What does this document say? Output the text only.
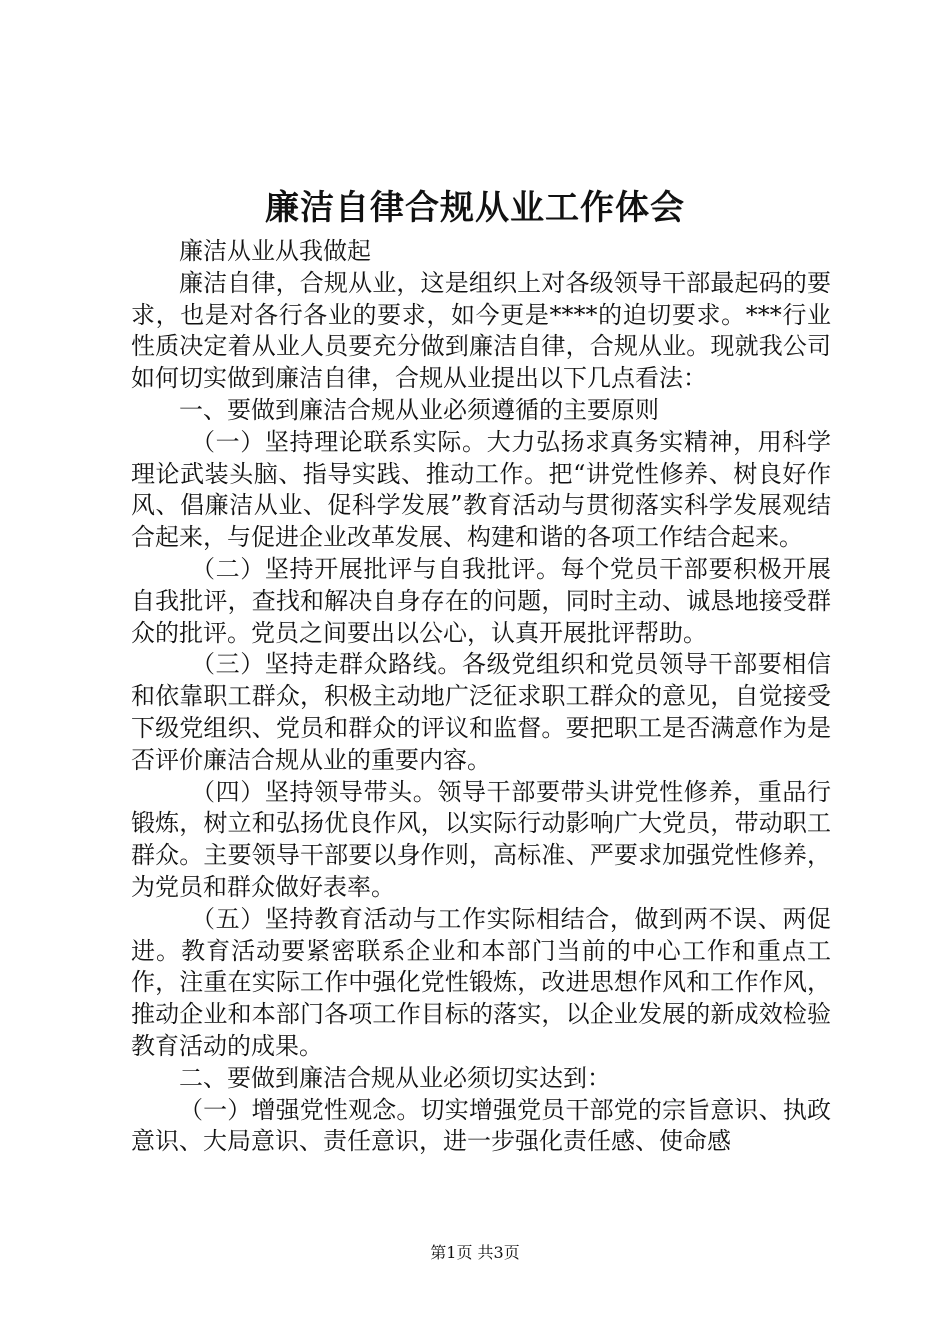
廉洁自律合规从业工作体会

廉洁从业从我做起

廉洁自律，合规从业，这是组织上对各级领导干部最起码的要求，也是对各行各业的要求，如今更是****的迫切要求。***行业性质决定着从业人员要充分做到廉洁自律，合规从业。现就我公司如何切实做到廉洁自律，合规从业提出以下几点看法：

一、要做到廉洁合规从业必须遵循的主要原则

（一）坚持理论联系实际。大力弘扬求真务实精神，用科学理论武装头脑、指导实践、推动工作。把“讲党性修养、树良好作风、倡廉洁从业、促科学发展”教育活动与贯彻落实科学发展观结合起来，与促进企业改革发展、构建和谐的各项工作结合起来。

（二）坚持开展批评与自我批评。每个党员干部要积极开展自我批评，查找和解决自身存在的问题，同时主动、诚恳地接受群众的批评。党员之间要出以公心，认真开展批评帮助。

（三）坚持走群众路线。各级党组织和党员领导干部要相信和依靠职工群众，积极主动地广泛征求职工群众的意见，自觉接受下级党组织、党员和群众的评议和监督。要把职工是否满意作为是否评价廉洁合规从业的重要内容。

（四）坚持领导带头。领导干部要带头讲党性修养，重品行锻炼，树立和弘扬优良作风，以实际行动影响广大党员，带动职工群众。主要领导干部要以身作则，高标准、严要求加强党性修养，为党员和群众做好表率。

（五）坚持教育活动与工作实际相结合，做到两不误、两促进。教育活动要紧密联系企业和本部门当前的中心工作和重点工作，注重在实际工作中强化党性锻炼，改进思想作风和工作作风，推动企业和本部门各项工作目标的落实，以企业发展的新成效检验教育活动的成果。

二、要做到廉洁合规从业必须切实达到：

（一）增强党性观念。切实增强党员干部党的宗旨意识、执政意识、大局意识、责任意识，进一步强化责任感、使命感

第1页 共3页
